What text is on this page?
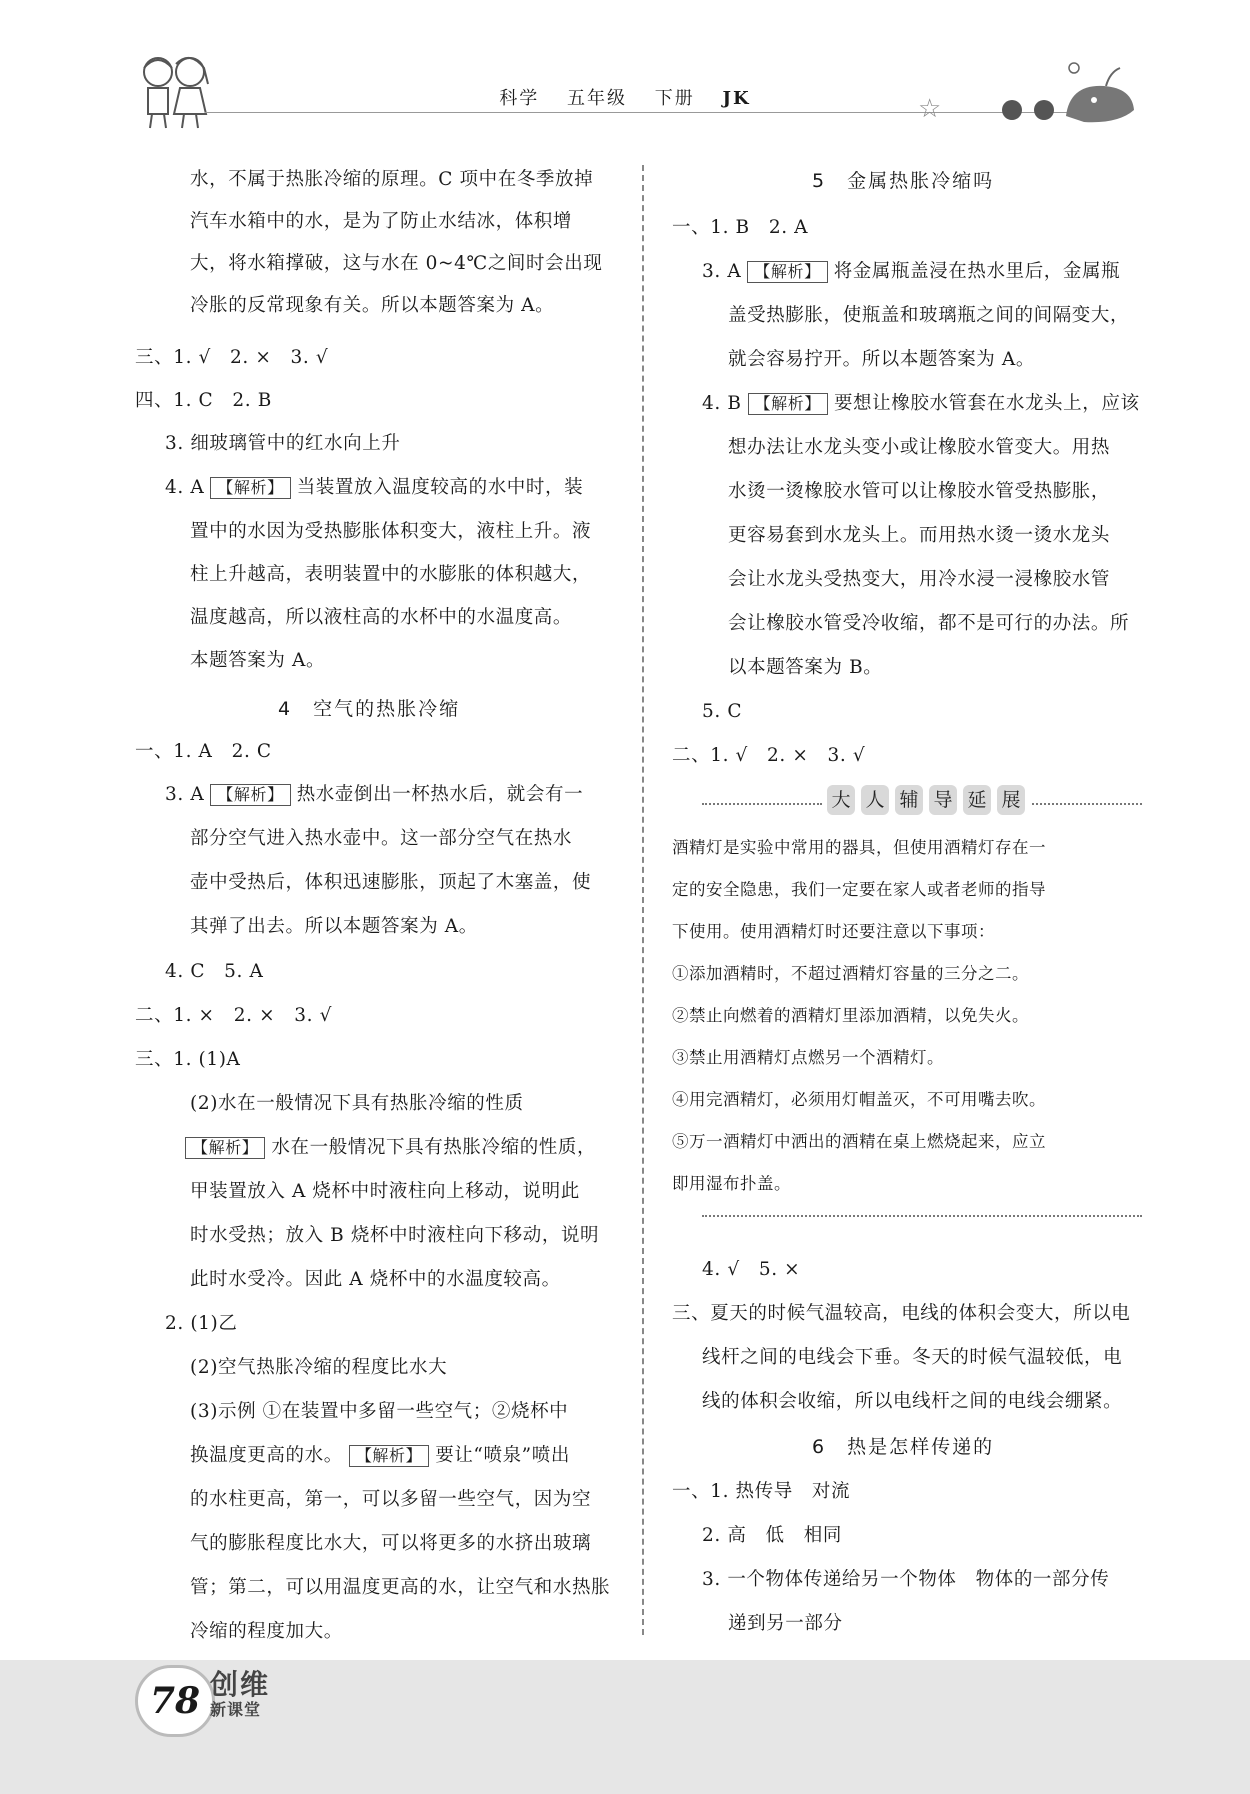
科学 五年级 下册 JK	☆
水，不属于热胀冷缩的原理。C 项中在冬季放掉
汽车水箱中的水，是为了防止水结冰，体积增
大，将水箱撑破，这与水在 0~4℃之间时会出现
冷胀的反常现象有关。所以本题答案为 A。
三、1. √　2. ×　3. √
四、1. C　2. B
3. 细玻璃管中的红水向上升
4. A 【解析】 当装置放入温度较高的水中时，装
置中的水因为受热膨胀体积变大，液柱上升。液
柱上升越高，表明装置中的水膨胀的体积越大，
温度越高，所以液柱高的水杯中的水温度高。
本题答案为 A。
4　空气的热胀冷缩
一、1. A　2. C
3. A 【解析】 热水壶倒出一杯热水后，就会有一
部分空气进入热水壶中。这一部分空气在热水
壶中受热后，体积迅速膨胀，顶起了木塞盖，使
其弹了出去。所以本题答案为 A。
4. C　5. A
二、1. ×　2. ×　3. √
三、1. (1)A
(2)水在一般情况下具有热胀冷缩的性质
【解析】 水在一般情况下具有热胀冷缩的性质，
甲装置放入 A 烧杯中时液柱向上移动，说明此
时水受热；放入 B 烧杯中时液柱向下移动，说明
此时水受冷。因此 A 烧杯中的水温度较高。
2. (1)乙
(2)空气热胀冷缩的程度比水大
(3)示例 ①在装置中多留一些空气；②烧杯中
换温度更高的水。 【解析】 要让“喷泉”喷出
的水柱更高，第一，可以多留一些空气，因为空
气的膨胀程度比水大，可以将更多的水挤出玻璃
管；第二，可以用温度更高的水，让空气和水热胀
冷缩的程度加大。
5　金属热胀冷缩吗
一、1. B　2. A
3. A 【解析】 将金属瓶盖浸在热水里后，金属瓶
盖受热膨胀，使瓶盖和玻璃瓶之间的间隔变大，
就会容易拧开。所以本题答案为 A。
4. B 【解析】 要想让橡胶水管套在水龙头上，应该
想办法让水龙头变小或让橡胶水管变大。用热
水烫一烫橡胶水管可以让橡胶水管受热膨胀，
更容易套到水龙头上。而用热水烫一烫水龙头
会让水龙头受热变大，用冷水浸一浸橡胶水管
会让橡胶水管受冷收缩，都不是可行的办法。所
以本题答案为 B。
5. C
二、1. √　2. ×　3. √
大 人 辅 导 延 展
酒精灯是实验中常用的器具，但使用酒精灯存在一
定的安全隐患，我们一定要在家人或者老师的指导
下使用。使用酒精灯时还要注意以下事项：
①添加酒精时，不超过酒精灯容量的三分之二。
②禁止向燃着的酒精灯里添加酒精，以免失火。
③禁止用酒精灯点燃另一个酒精灯。
④用完酒精灯，必须用灯帽盖灭，不可用嘴去吹。
⑤万一酒精灯中洒出的酒精在桌上燃烧起来，应立
即用湿布扑盖。
4. √　5. ×
三、夏天的时候气温较高，电线的体积会变大，所以电
线杆之间的电线会下垂。冬天的时候气温较低，电
线的体积会收缩，所以电线杆之间的电线会绷紧。
6　热是怎样传递的
一、1. 热传导　对流
2. 高　低　相同
3. 一个物体传递给另一个物体　物体的一部分传
递到另一部分
78 创维
新课堂
